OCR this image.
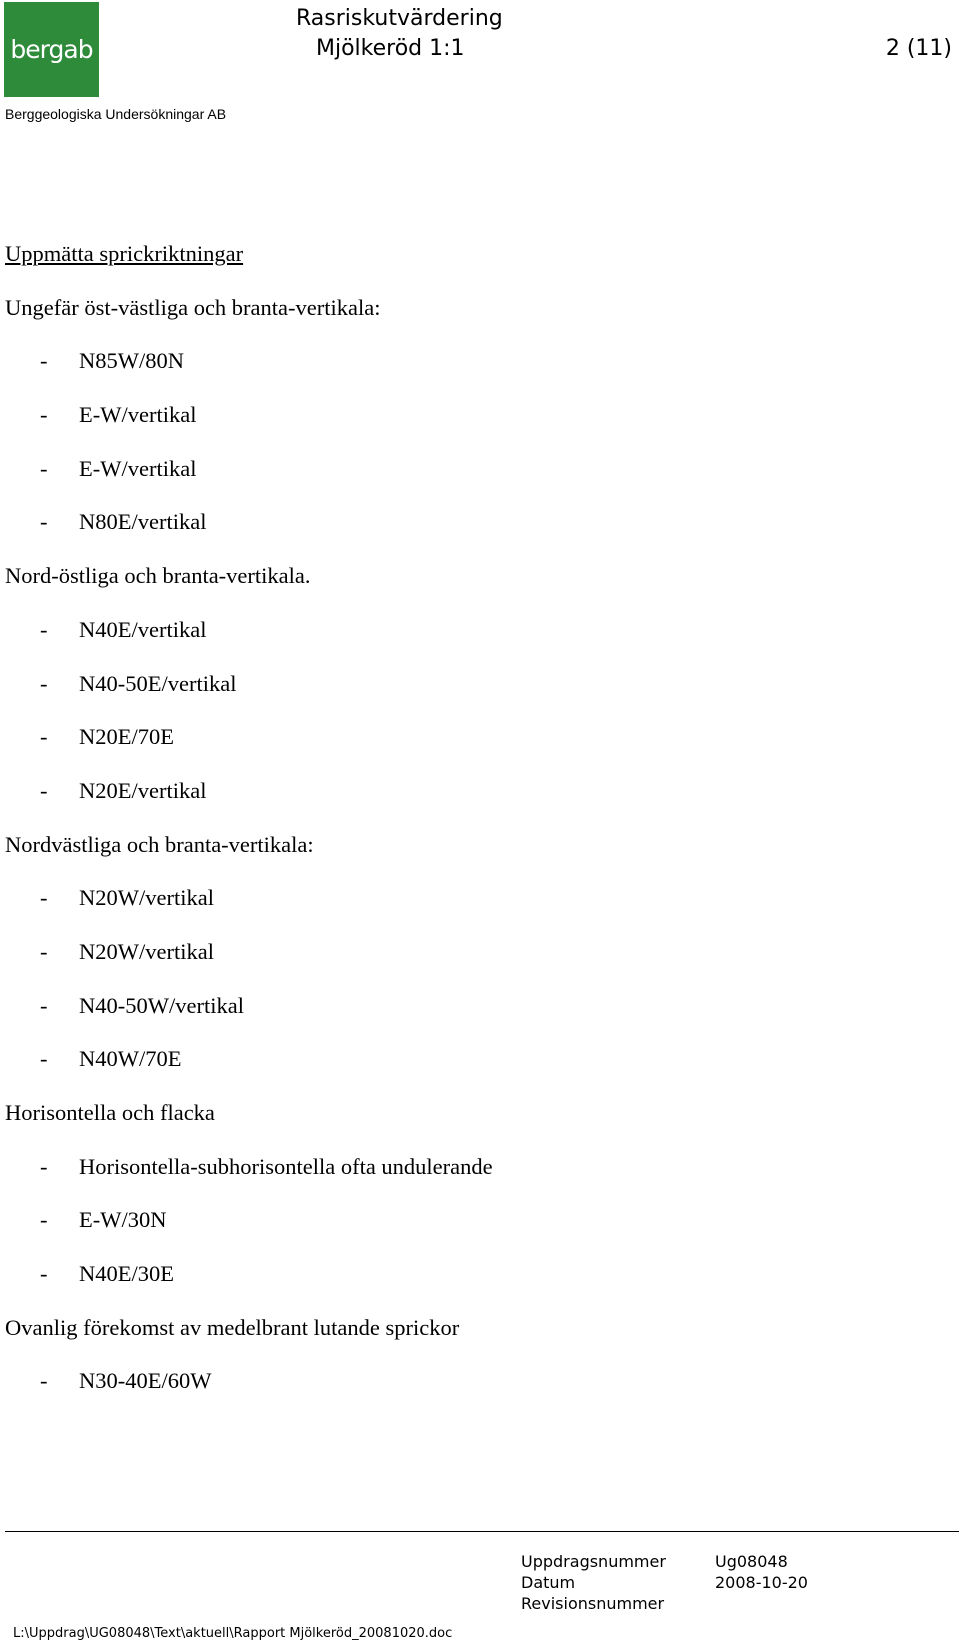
bergab
Berggeologiska Undersökningar AB
Rasriskutvärdering
Mjölkeröd 1:1	2 (11)
Uppmätta sprickriktningar
Ungefär öst-västliga och branta-vertikala:
- N85W/80N
- E-W/vertikal
- E-W/vertikal
- N80E/vertikal
Nord-östliga och branta-vertikala.
- N40E/vertikal
- N40-50E/vertikal
- N20E/70E
- N20E/vertikal
Nordvästliga och branta-vertikala:
- N20W/vertikal
- N20W/vertikal
- N40-50W/vertikal
- N40W/70E
Horisontella och flacka
- Horisontella-subhorisontella ofta undulerande
- E-W/30N
- N40E/30E
Ovanlig förekomst av medelbrant lutande sprickor
- N30-40E/60W
Uppdragsnummer	Ug08048
Datum	2008-10-20
Revisionsnummer
L:\Uppdrag\UG08048\Text\aktuell\Rapport Mjölkeröd_20081020.doc
